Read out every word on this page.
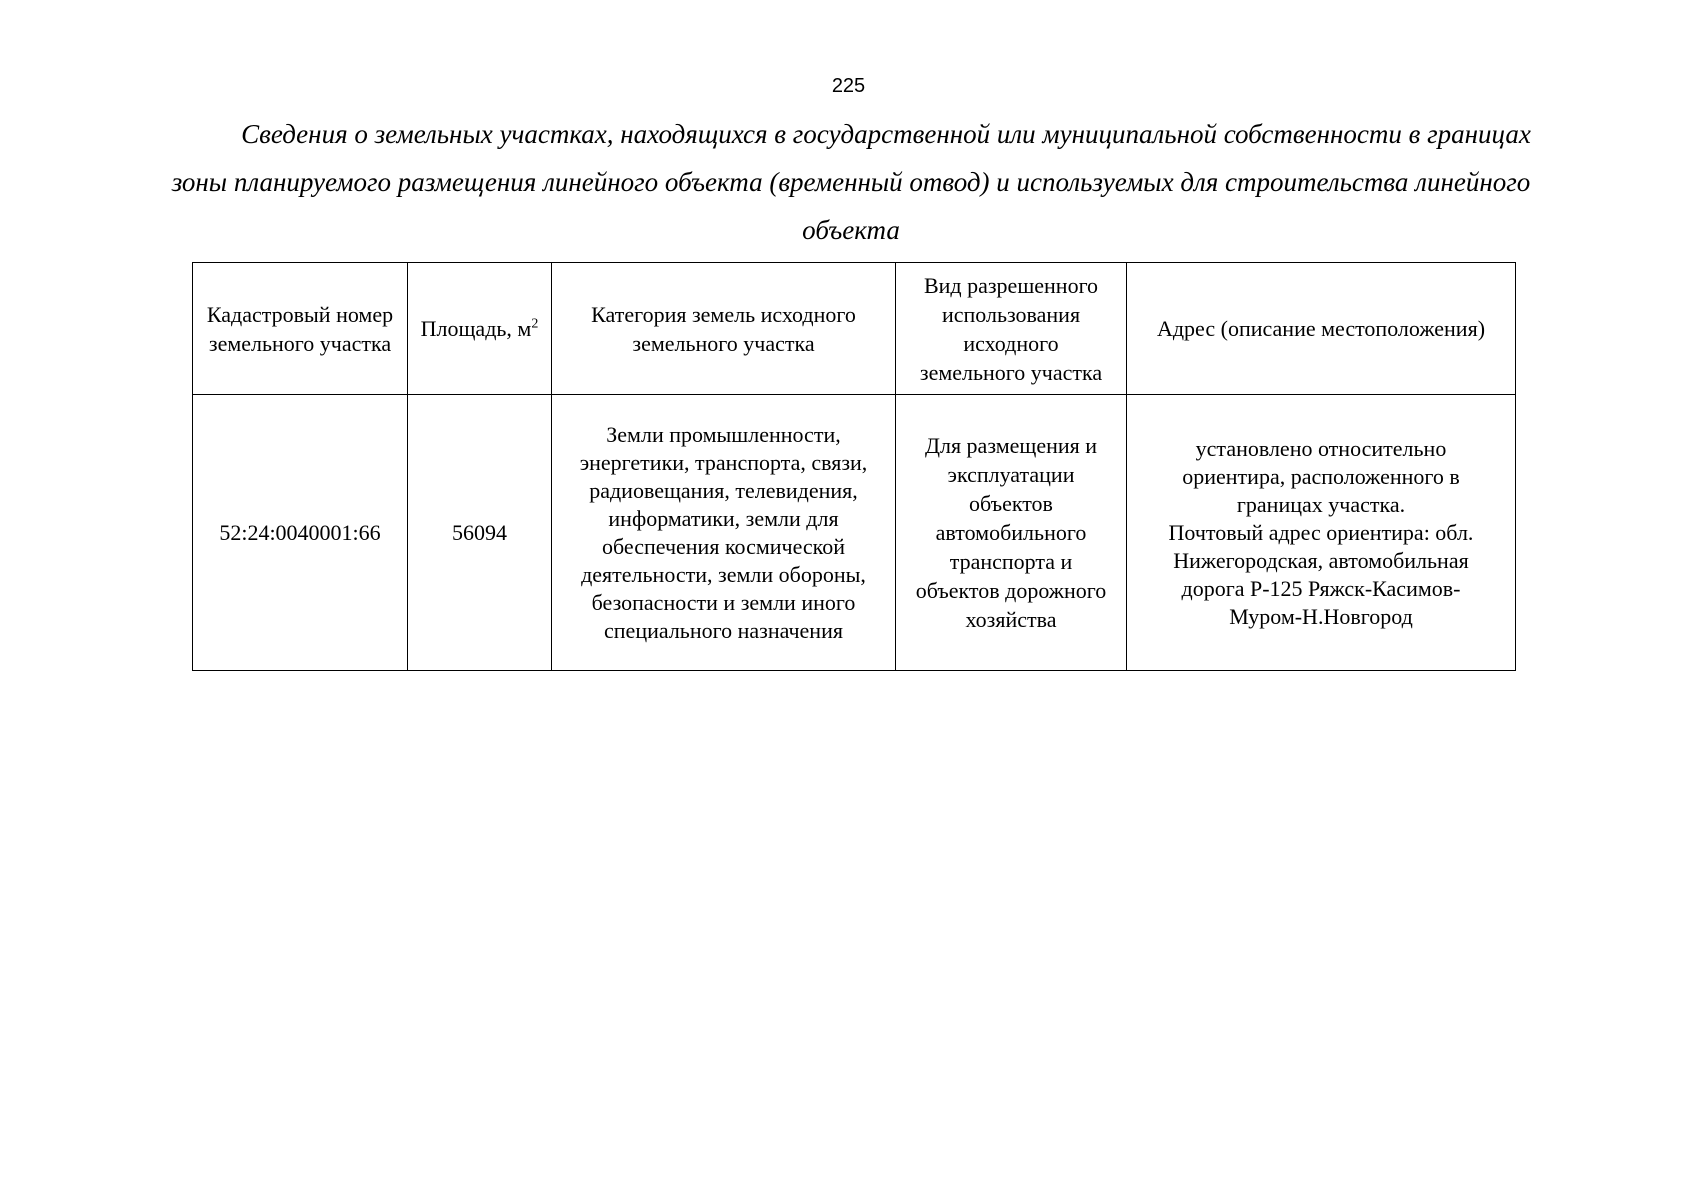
225

Сведения о земельных участках, находящихся в государственной или муниципальной собственности в границах
зоны планируемого размещения линейного объекта (временный отвод) и используемых для строительства линейного
объекта

Кадастровый номер земельного участка	Площадь, $м^2$	Категория земель исходного земельного участка	Вид разрешенного использования исходного земельного участка	Адрес (описание местоположения)
52:24:0040001:66	56094	Земли промышленности, энергетики, транспорта, связи, радиовещания, телевидения, информатики, земли для обеспечения космической деятельности, земли обороны, безопасности и земли иного специального назначения	Для размещения и эксплуатации объектов автомобильного транспорта и объектов дорожного хозяйства	установлено относительно ориентира, расположенного в границах участка.
Почтовый адрес ориентира: обл. Нижегородская, автомобильная дорога Р-125 Ряжск-Касимов-Муром-Н.Новгород
